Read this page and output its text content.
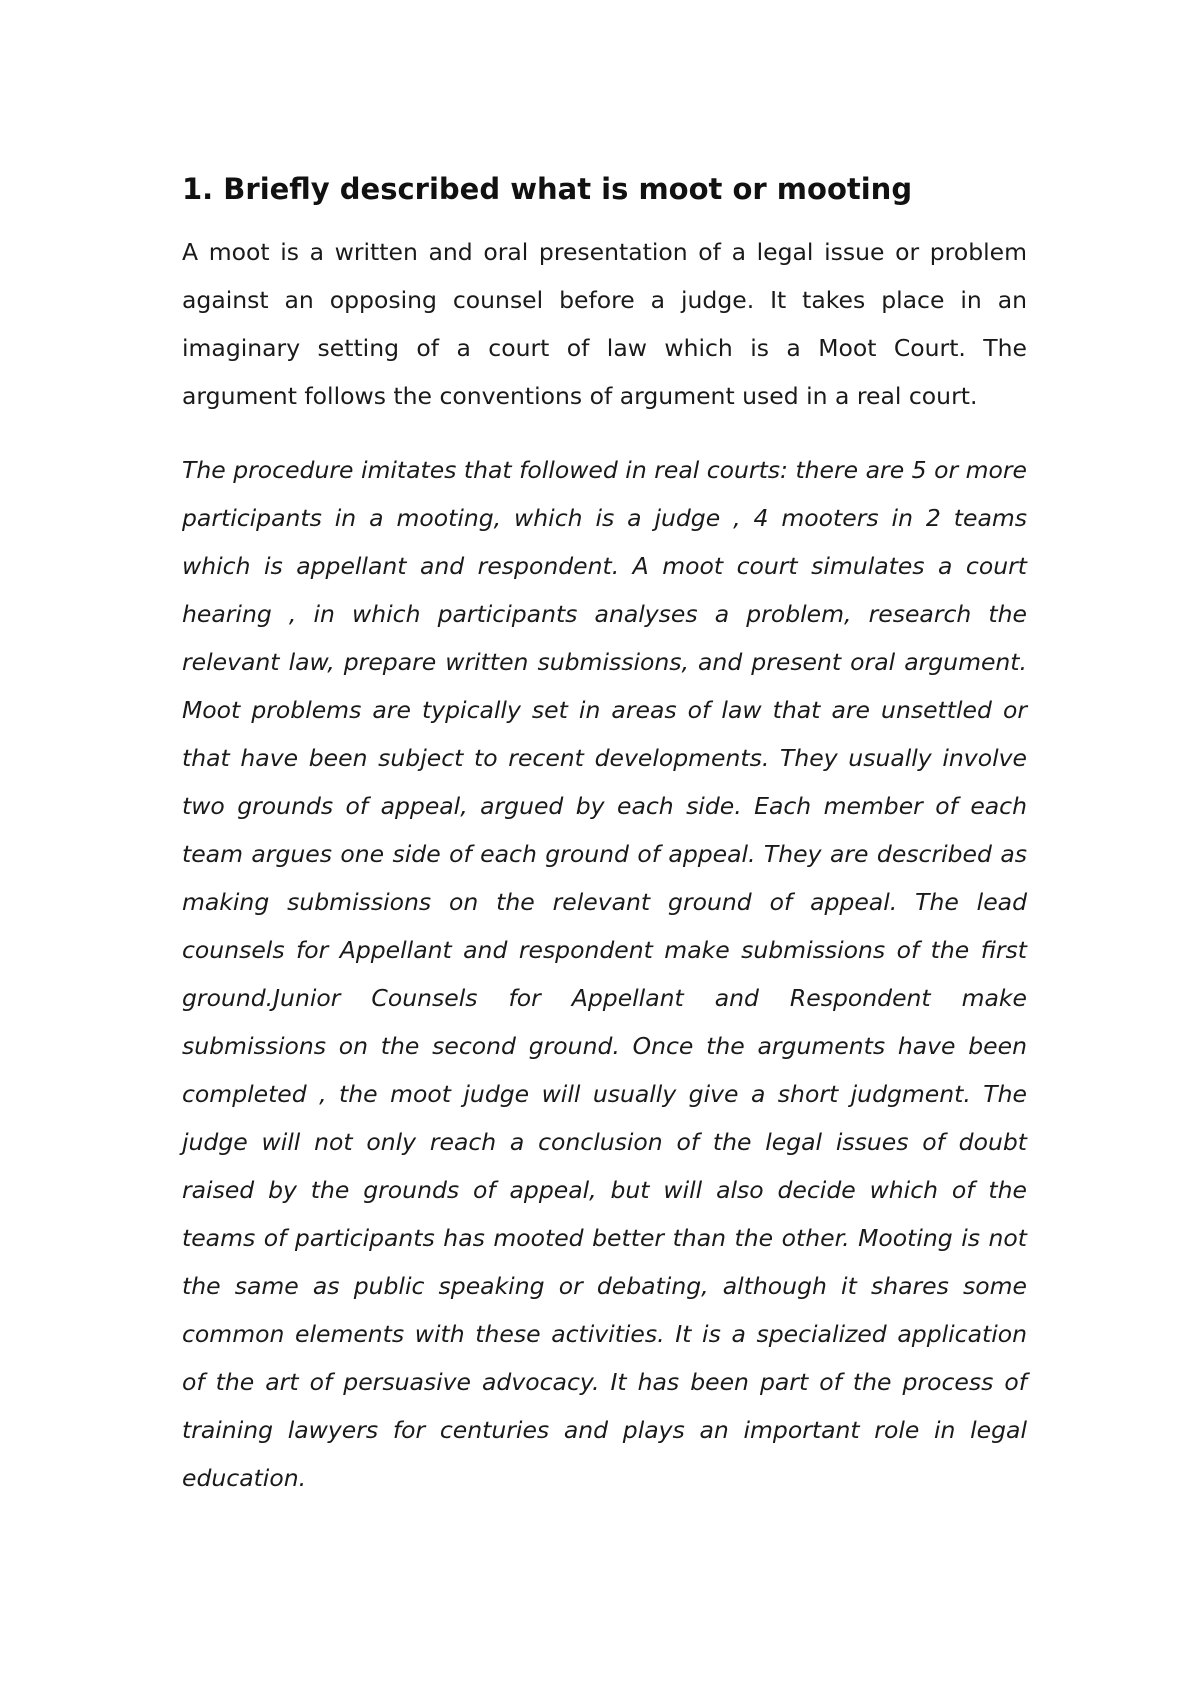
1. Briefly described what is moot or mooting

A moot is a written and oral presentation of a legal issue or problem against an opposing counsel before a judge. It takes place in an imaginary setting of a court of law which is a Moot Court. The argument follows the conventions of argument used in a real court.

The procedure imitates that followed in real courts: there are 5 or more participants in a mooting, which is a judge , 4 mooters in 2 teams which is appellant and respondent. A moot court simulates a court hearing , in which participants analyses a problem, research the relevant law, prepare written submissions, and present oral argument. Moot problems are typically set in areas of law that are unsettled or that have been subject to recent developments. They usually involve two grounds of appeal, argued by each side. Each member of each team argues one side of each ground of appeal. They are described as making submissions on the relevant ground of appeal. The lead counsels for Appellant and respondent make submissions of the first ground.Junior Counsels for Appellant and Respondent make submissions on the second ground. Once the arguments have been completed , the moot judge will usually give a short judgment. The judge will not only reach a conclusion of the legal issues of doubt raised by the grounds of appeal, but will also decide which of the teams of participants has mooted better than the other. Mooting is not the same as public speaking or debating, although it shares some common elements with these activities. It is a specialized application of the art of persuasive advocacy. It has been part of the process of training lawyers for centuries and plays an important role in legal education.
